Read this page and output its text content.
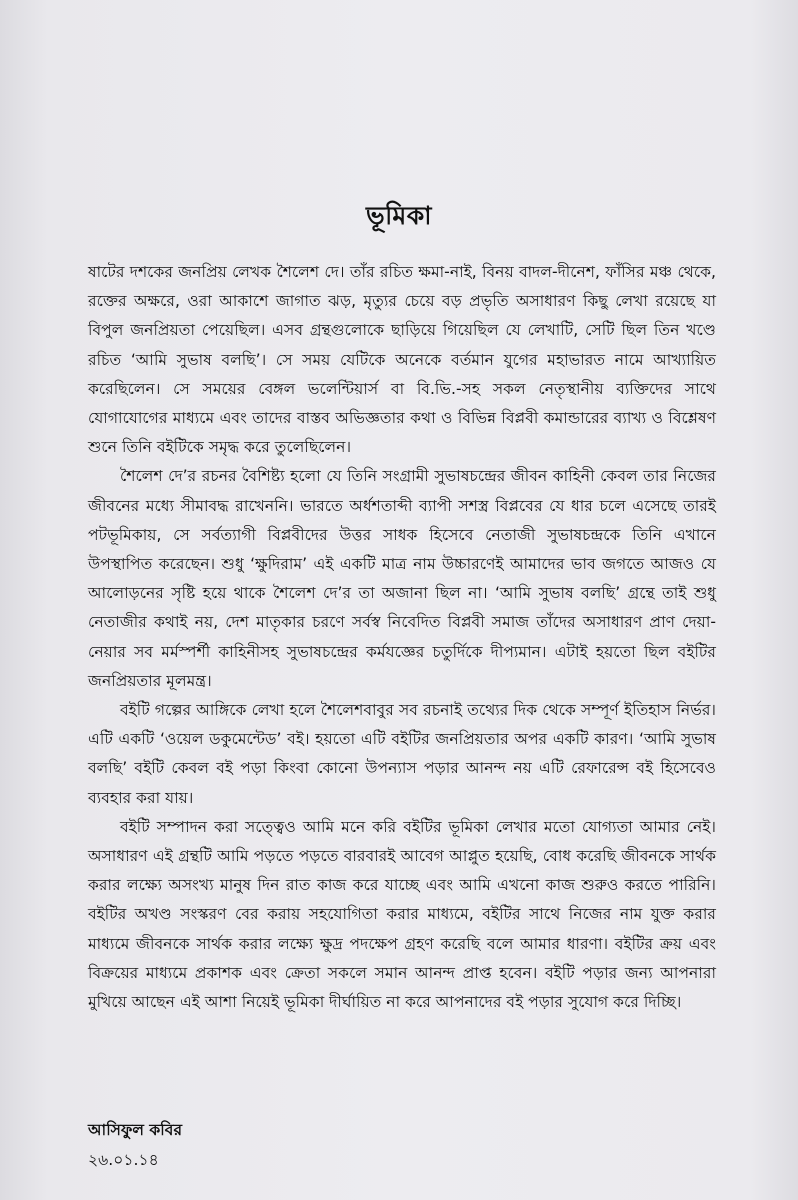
ভূমিকা

ষাটের দশকের জনপ্রিয় লেখক শৈলেশ দে। তাঁর রচিত ক্ষমা-নাই, বিনয় বাদল-দীনেশ, ফাঁসির মঞ্চ থেকে, রক্তের অক্ষরে, ওরা আকাশে জাগাত ঝড়, মৃত্যুর চেয়ে বড় প্রভৃতি অসাধারণ কিছু লেখা রয়েছে যা বিপুল জনপ্রিয়তা পেয়েছিল। এসব গ্রন্থগুলোকে ছাড়িয়ে গিয়েছিল যে লেখাটি, সেটি ছিল তিন খণ্ডে রচিত ‘আমি সুভাষ বলছি’। সে সময় যেটিকে অনেকে বর্তমান যুগের মহাভারত নামে আখ্যায়িত করেছিলেন। সে সময়ের বেঙ্গল ভলেন্টিয়ার্স বা বি.ভি.-সহ সকল নেতৃস্থানীয় ব্যক্তিদের সাথে যোগাযোগের মাধ্যমে এবং তাদের বাস্তব অভিজ্ঞতার কথা ও বিভিন্ন বিপ্লবী কমান্ডারের ব্যাখ্য ও বিশ্লেষণ শুনে তিনি বইটিকে সমৃদ্ধ করে তুলেছিলেন।

শৈলেশ দে’র রচনর বৈশিষ্ট্য হলো যে তিনি সংগ্রামী সুভাষচন্দ্রের জীবন কাহিনী কেবল তার নিজের জীবনের মধ্যে সীমাবদ্ধ রাখেননি। ভারতে অর্ধশতাব্দী ব্যাপী সশস্ত্র বিপ্লবের যে ধার চলে এসেছে তারই পটভূমিকায়, সে সর্বত্যাগী বিপ্লবীদের উত্তর সাধক হিসেবে নেতাজী সুভাষচন্দ্রকে তিনি এখানে উপস্থাপিত করেছেন। শুধু ‘ক্ষুদিরাম’ এই একটি মাত্র নাম উচ্চারণেই আমাদের ভাব জগতে আজও যে আলোড়নের সৃষ্টি হয়ে থাকে শৈলেশ দে’র তা অজানা ছিল না। ‘আমি সুভাষ বলছি’ গ্রন্থে তাই শুধু নেতাজীর কথাই নয়, দেশ মাতৃকার চরণে সর্বস্ব নিবেদিত বিপ্লবী সমাজ তাঁদের অসাধারণ প্রাণ দেয়া-নেয়ার সব মর্মস্পর্শী কাহিনীসহ সুভাষচন্দ্রের কর্মযজ্ঞের চতুর্দিকে দীপ্যমান। এটাই হয়তো ছিল বইটির জনপ্রিয়তার মূলমন্ত্র।

বইটি গল্পের আঙ্গিকে লেখা হলে শৈলেশবাবুর সব রচনাই তথ্যের দিক থেকে সম্পূর্ণ ইতিহাস নির্ভর। এটি একটি ‘ওয়েল ডকুমেন্টেড’ বই। হয়তো এটি বইটির জনপ্রিয়তার অপর একটি কারণ। ‘আমি সুভাষ বলছি’ বইটি কেবল বই পড়া কিংবা কোনো উপন্যাস পড়ার আনন্দ নয় এটি রেফারেন্স বই হিসেবেও ব্যবহার করা যায়।

বইটি সম্পাদন করা সত্ত্বেও আমি মনে করি বইটির ভূমিকা লেখার মতো যোগ্যতা আমার নেই। অসাধারণ এই গ্রন্থটি আমি পড়তে পড়তে বারবারই আবেগ আপ্লুত হয়েছি, বোধ করেছি জীবনকে সার্থক করার লক্ষ্যে অসংখ্য মানুষ দিন রাত কাজ করে যাচ্ছে এবং আমি এখনো কাজ শুরুও করতে পারিনি। বইটির অখণ্ড সংস্করণ বের করায় সহযোগিতা করার মাধ্যমে, বইটির সাথে নিজের নাম যুক্ত করার মাধ্যমে জীবনকে সার্থক করার লক্ষ্যে ক্ষুদ্র পদক্ষেপ গ্রহণ করেছি বলে আমার ধারণা। বইটির ক্রয় এবং বিক্রয়ের মাধ্যমে প্রকাশক এবং ক্রেতা সকলে সমান আনন্দ প্রাপ্ত হবেন। বইটি পড়ার জন্য আপনারা মুখিয়ে আছেন এই আশা নিয়েই ভূমিকা দীর্ঘায়িত না করে আপনাদের বই পড়ার সুযোগ করে দিচ্ছি।

আসিফুল কবির
২৬.০১.১৪
